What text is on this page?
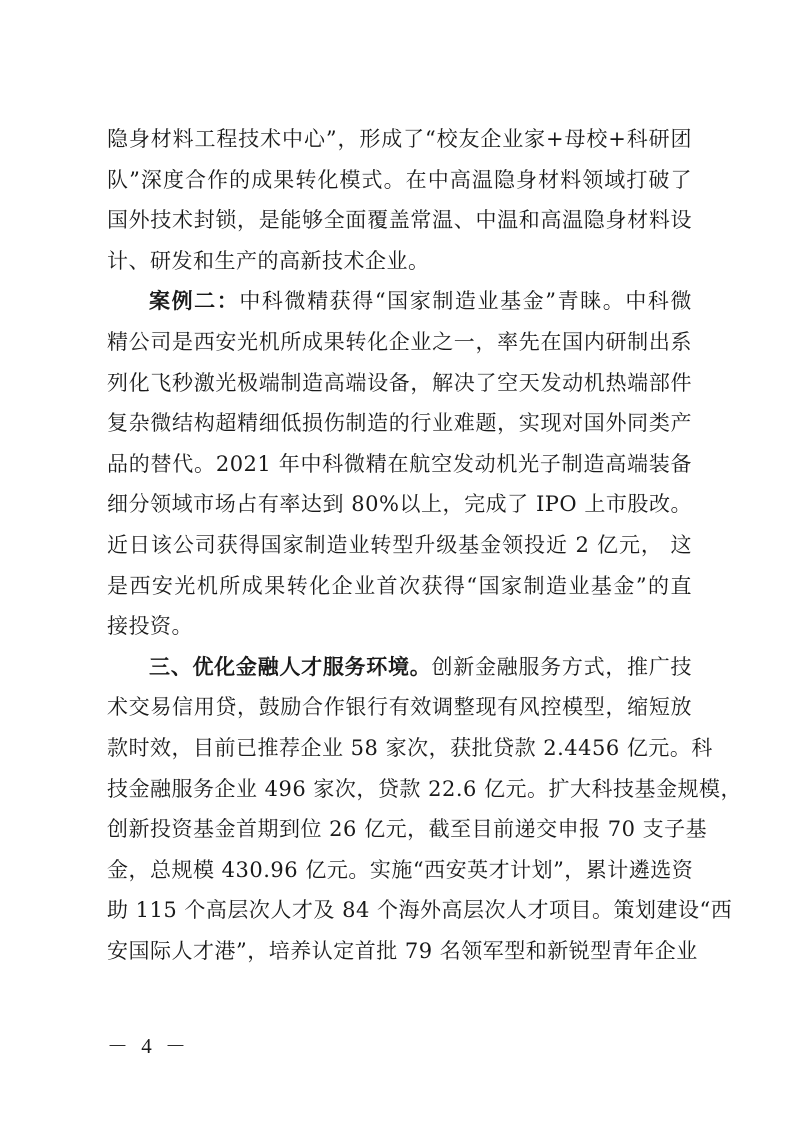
隐身材料工程技术中心”，形成了“校友企业家+母校+科研团
队”深度合作的成果转化模式。在中高温隐身材料领域打破了
国外技术封锁，是能够全面覆盖常温、中温和高温隐身材料设
计、研发和生产的高新技术企业。
案例二：中科微精获得“国家制造业基金”青睐。中科微
精公司是西安光机所成果转化企业之一，率先在国内研制出系
列化飞秒激光极端制造高端设备，解决了空天发动机热端部件
复杂微结构超精细低损伤制造的行业难题，实现对国外同类产
品的替代。2021 年中科微精在航空发动机光子制造高端装备
细分领域市场占有率达到 80%以上，完成了 IPO 上市股改。
近日该公司获得国家制造业转型升级基金领投近 2 亿元， 这
是西安光机所成果转化企业首次获得“国家制造业基金”的直
接投资。
三、优化金融人才服务环境。创新金融服务方式，推广技
术交易信用贷，鼓励合作银行有效调整现有风控模型，缩短放
款时效，目前已推荐企业 58 家次，获批贷款 2.4456 亿元。科
技金融服务企业 496 家次，贷款 22.6 亿元。扩大科技基金规模，
创新投资基金首期到位 26 亿元，截至目前递交申报 70 支子基
金，总规模 430.96 亿元。实施“西安英才计划”，累计遴选资
助 115 个高层次人才及 84 个海外高层次人才项目。策划建设“西
安国际人才港”，培养认定首批 79 名领军型和新锐型青年企业
－ 4 －
